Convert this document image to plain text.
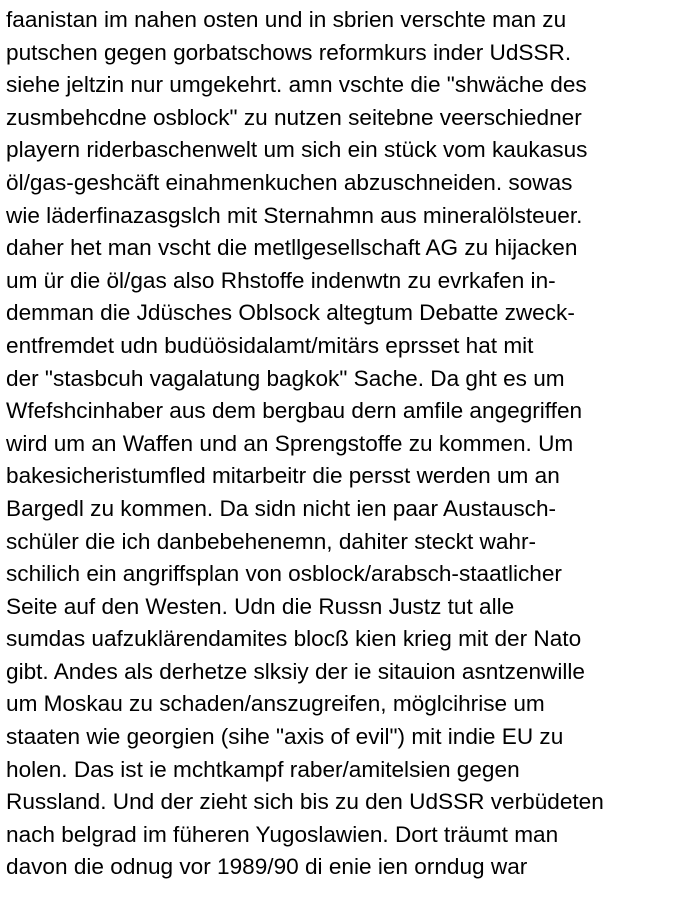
faanistan im nahen osten und in sbrien verschte man zu
putschen gegen gorbatschows reformkurs inder UdSSR.
siehe jeltzin nur umgekehrt. amn vschte die "shwäche des
zusmbehcdne osblock" zu nutzen seitebne veerschiedner
playern riderbaschenwelt um sich ein stück vom kaukasus
öl/gas-geshcäft einahmenkuchen abzuschneiden. sowas
wie läderfinazasgslch mit Sternahmn aus mineralölsteuer.
daher het man vscht die metllgesellschaft AG zu hijacken
um ür die öl/gas also Rhstoffe indenwtn zu evrkafen in-
demman die Jdüsches Oblsock altegtum Debatte zweck-
entfremdet udn budüösidalamt/mitärs eprsset hat mit
der "stasbcuh vagalatung bagkok" Sache. Da ght es um
Wfefshcinhaber aus dem bergbau dern amfile angegriffen
wird um an Waffen und an Sprengstoffe zu kommen. Um
bakesicheristumfled mitarbeitr die persst werden um an
Bargedl zu kommen. Da sidn nicht ien paar Austausch-
schüler die ich danbebehenemn, dahiter steckt wahr-
schilich ein angriffsplan von osblock/arabsch-staatlicher
Seite auf den Westen. Udn die Russn Justz tut alle
sumdas uafzuklärendamites blocß kien krieg mit der Nato
gibt. Andes als derhetze slksiy der ie sitauion asntzenwille
um Moskau zu schaden/anszugreifen, möglcihrise um
staaten wie georgien (sihe "axis of evil") mit indie EU zu
holen. Das ist ie mchtkampf raber/amitelsien gegen
Russland. Und der zieht sich bis zu den UdSSR verbüdeten
nach belgrad im füheren Yugoslawien. Dort träumt man
davon die odnug vor 1989/90 di enie ien orndug war
